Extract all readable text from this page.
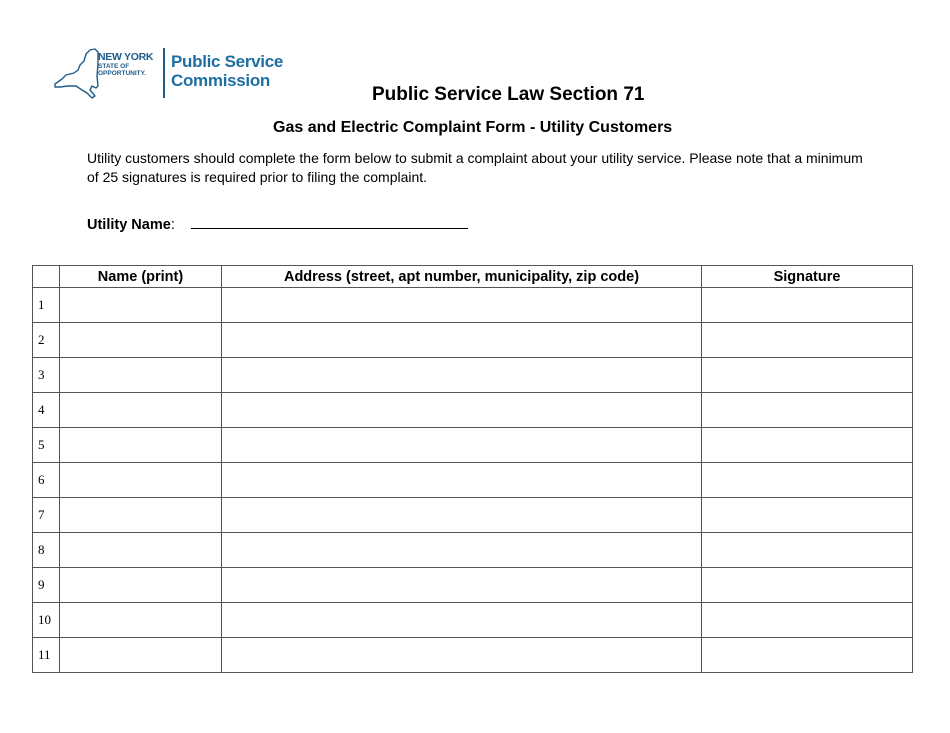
NEW YORK
STATE OF
OPPORTUNITY.
Public Service
Commission
Public Service Law Section 71
Gas and Electric Complaint Form - Utility Customers
Utility customers should complete the form below to submit a complaint about your utility service. Please note that a minimum of 25 signatures is required prior to filing the complaint.
Utility Name:
	Name (print)	Address (street, apt number, municipality, zip code)	Signature
1			
2			
3			
4			
5			
6			
7			
8			
9			
10			
11			
